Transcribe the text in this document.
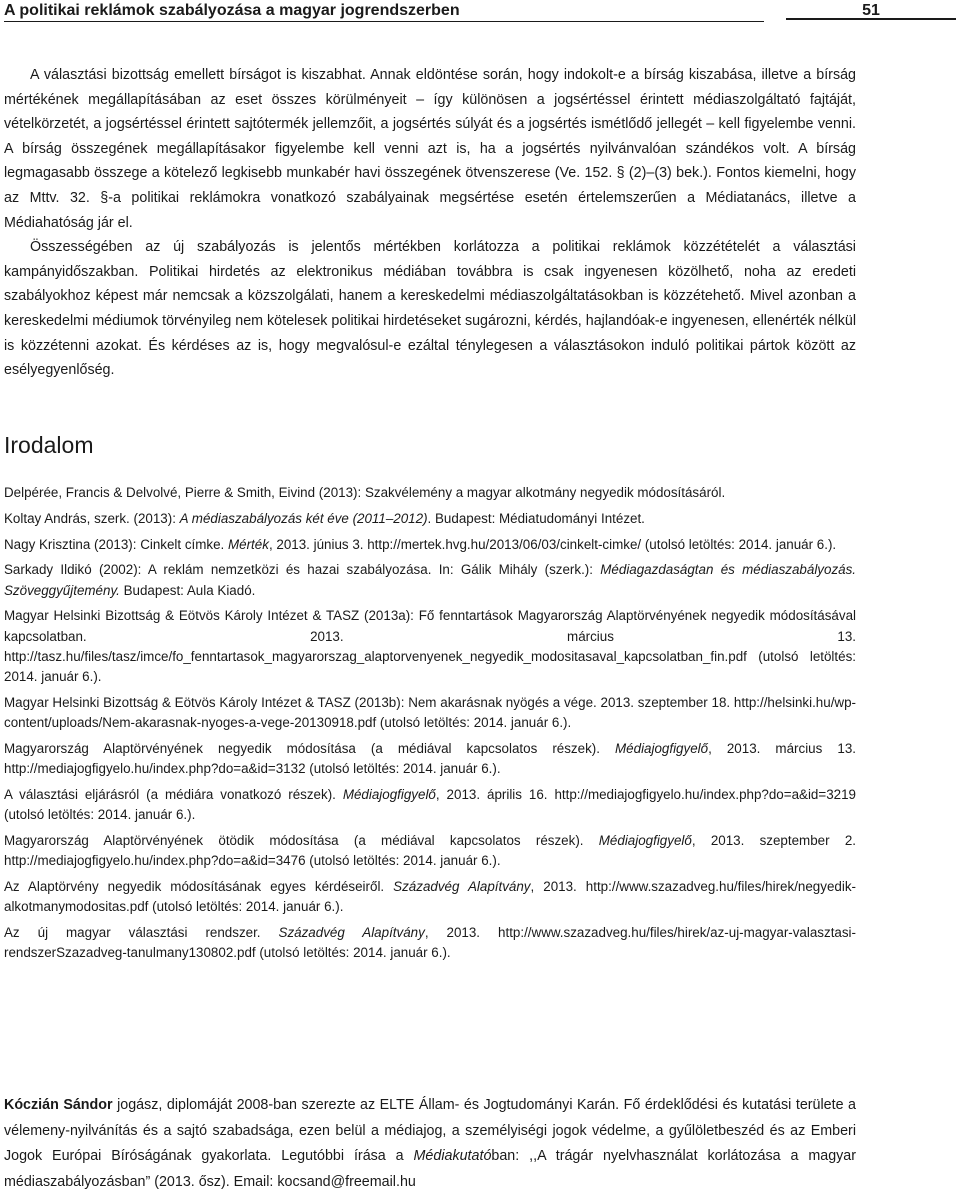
A politikai reklámok szabályozása a magyar jogrendszerben	51

A választási bizottság emellett bírságot is kiszabhat. Annak eldöntése során, hogy indokolt-e a bírság kiszabása, illetve a bírság mértékének megállapításában az eset összes körülményeit – így különösen a jogsértéssel érintett médiaszolgáltató fajtáját, vételkörzetét, a jogsértéssel érintett sajtótermék jellemzőit, a jogsértés súlyát és a jogsértés ismétlődő jellegét – kell figyelembe venni. A bírság összegének megállapításakor figyelembe kell venni azt is, ha a jogsértés nyilvánvalóan szándékos volt. A bírság legmagasabb összege a kötelező legkisebb munkabér havi összegének ötvenszerese (Ve. 152. § (2)–(3) bek.). Fontos kiemelni, hogy az Mttv. 32. §-a politikai reklámokra vonatkozó szabályainak megsértése esetén értelemszerűen a Médiatanács, illetve a Médiahatóság jár el.

Összességében az új szabályozás is jelentős mértékben korlátozza a politikai reklámok közzétételét a választási kampányidőszakban. Politikai hirdetés az elektronikus médiában továbbra is csak ingyenesen közölhető, noha az eredeti szabályokhoz képest már nemcsak a közszolgálati, hanem a kereskedelmi médiaszolgáltatásokban is közzétehető. Mivel azonban a kereskedelmi médiumok törvényileg nem kötelesek politikai hirdetéseket sugározni, kérdés, hajlandóak-e ingyenesen, ellenérték nélkül is közzétenni azokat. És kérdéses az is, hogy megvalósul-e ezáltal ténylegesen a választásokon induló politikai pártok között az esélyegyenlőség.

Irodalom

Delpérée, Francis & Delvolvé, Pierre & Smith, Eivind (2013): Szakvélemény a magyar alkotmány negyedik módosításáról.

Koltay András, szerk. (2013): A médiaszabályozás két éve (2011–2012). Budapest: Médiatudományi Intézet.

Nagy Krisztina (2013): Cinkelt címke. Mérték, 2013. június 3. http://mertek.hvg.hu/2013/06/03/cinkelt-cimke/ (utolsó letöltés: 2014. január 6.).

Sarkady Ildikó (2002): A reklám nemzetközi és hazai szabályozása. In: Gálik Mihály (szerk.): Médiagazdaságtan és médiaszabályozás. Szöveggyűjtemény. Budapest: Aula Kiadó.

Magyar Helsinki Bizottság & Eötvös Károly Intézet & TASZ (2013a): Fő fenntartások Magyarország Alaptörvényének negyedik módosításával kapcsolatban. 2013. március 13. http://tasz.hu/files/tasz/imce/fo_fenntartasok_magyarorszag_alaptorvenyenek_negyedik_modositasaval_kapcsolatban_fin.pdf (utolsó letöltés: 2014. január 6.).

Magyar Helsinki Bizottság & Eötvös Károly Intézet & TASZ (2013b): Nem akarásnak nyögés a vége. 2013. szeptember 18. http://helsinki.hu/wp-content/uploads/Nem-akarasnak-nyoges-a-vege-20130918.pdf (utolsó letöltés: 2014. január 6.).

Magyarország Alaptörvényének negyedik módosítása (a médiával kapcsolatos részek). Médiajogfigyelő, 2013. március 13. http://mediajogfigyelo.hu/index.php?do=a&id=3132 (utolsó letöltés: 2014. január 6.).

A választási eljárásról (a médiára vonatkozó részek). Médiajogfigyelő, 2013. április 16. http://mediajogfigyelo.hu/index.php?do=a&id=3219 (utolsó letöltés: 2014. január 6.).

Magyarország Alaptörvényének ötödik módosítása (a médiával kapcsolatos részek). Médiajogfigyelő, 2013. szeptember 2. http://mediajogfigyelo.hu/index.php?do=a&id=3476 (utolsó letöltés: 2014. január 6.).

Az Alaptörvény negyedik módosításának egyes kérdéseiről. Századvég Alapítvány, 2013. http://www.szazadveg.hu/files/hirek/negyedik-alkotmanymodositas.pdf (utolsó letöltés: 2014. január 6.).

Az új magyar választási rendszer. Századvég Alapítvány, 2013. http://www.szazadveg.hu/files/hirek/az-uj-magyar-valasztasi-rendszerSzazadveg-tanulmany130802.pdf (utolsó letöltés: 2014. január 6.).

Kóczián Sándor jogász, diplomáját 2008-ban szerezte az ELTE Állam- és Jogtudományi Karán. Fő érdeklődési és kutatási területe a vélemeny-nyilvánítás és a sajtó szabadsága, ezen belül a médiajog, a személyiségi jogok védelme, a gyűlöletbeszéd és az Emberi Jogok Európai Bíróságának gyakorlata. Legutóbbi írása a Médiakutatóban: ,,A trágár nyelvhasználat korlátozása a magyar médiaszabályozásban” (2013. ősz). Email: kocsand@freemail.hu
